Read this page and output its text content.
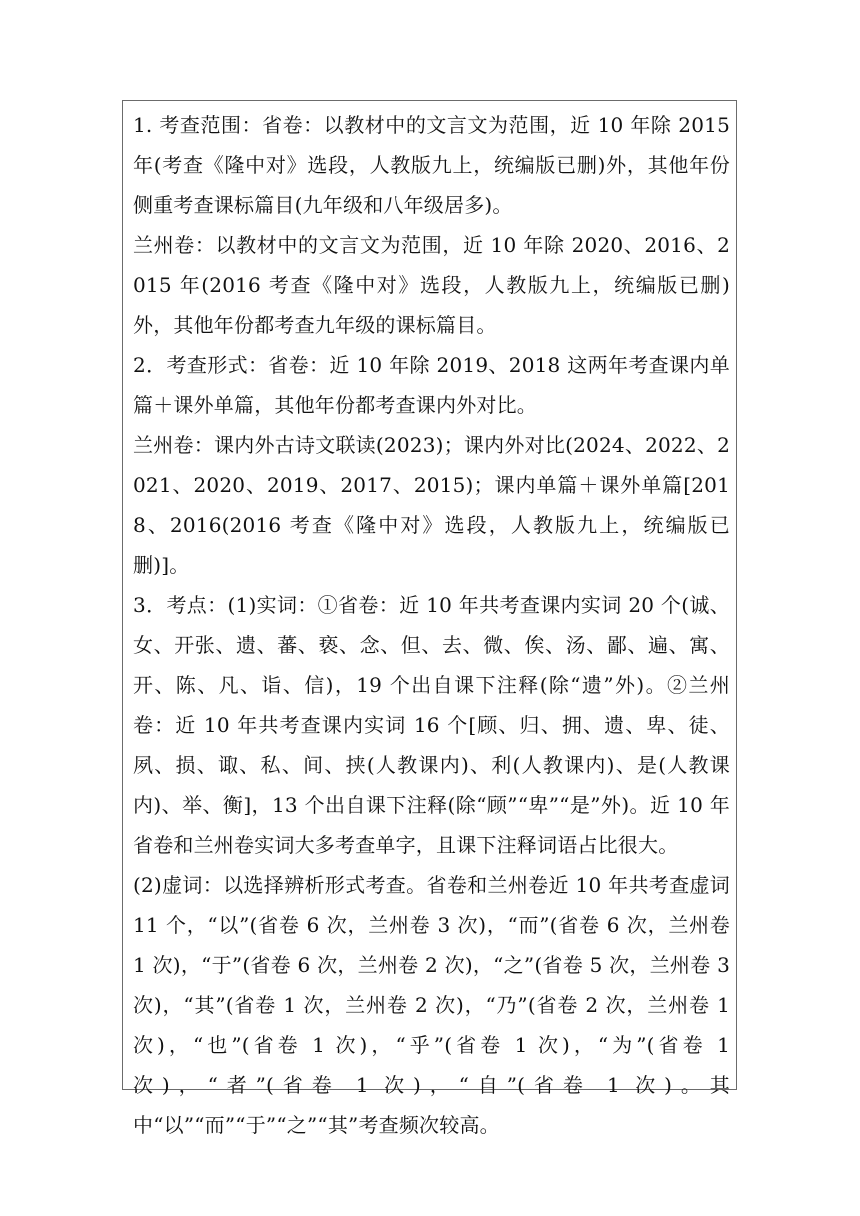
1. 考查范围：省卷：以教材中的文言文为范围，近 10 年除 2015 年(考查《隆中对》选段，人教版九上，统编版已删)外，其他年份侧重考查课标篇目(九年级和八年级居多)。

兰州卷：以教材中的文言文为范围，近 10 年除 2020、2016、2015 年(2016 考查《隆中对》选段，人教版九上，统编版已删)外，其他年份都考查九年级的课标篇目。

2．考查形式：省卷：近 10 年除 2019、2018 这两年考查课内单篇＋课外单篇，其他年份都考查课内外对比。

兰州卷：课内外古诗文联读(2023)；课内外对比(2024、2022、2021、2020、2019、2017、2015)；课内单篇＋课外单篇[2018、2016(2016 考查《隆中对》选段，人教版九上，统编版已删)]。

3．考点：(1)实词：①省卷：近 10 年共考查课内实词 20 个(诚、女、开张、遗、蕃、亵、念、但、去、微、俟、汤、鄙、遍、寓、开、陈、凡、诣、信)，19 个出自课下注释(除“遗”外)。②兰州卷：近 10 年共考查课内实词 16 个[顾、归、拥、遗、卑、徒、夙、损、诹、私、间、挟(人教课内)、利(人教课内)、是(人教课内)、举、衡]，13 个出自课下注释(除“顾”“卑”“是”外)。近 10 年省卷和兰州卷实词大多考查单字，且课下注释词语占比很大。

(2)虚词：以选择辨析形式考查。省卷和兰州卷近 10 年共考查虚词 11 个，“以”(省卷 6 次，兰州卷 3 次)，“而”(省卷 6 次，兰州卷 1 次)，“于”(省卷 6 次，兰州卷 2 次)，“之”(省卷 5 次，兰州卷 3 次)，“其”(省卷 1 次，兰州卷 2 次)，“乃”(省卷 2 次，兰州卷 1 次)，“也”(省卷 1 次)，“乎”(省卷 1 次)，“为”(省卷 1 次)，“者”(省卷 1 次)，“自”(省卷 1 次)。其中“以”“而”“于”“之”“其”考查频次较高。
